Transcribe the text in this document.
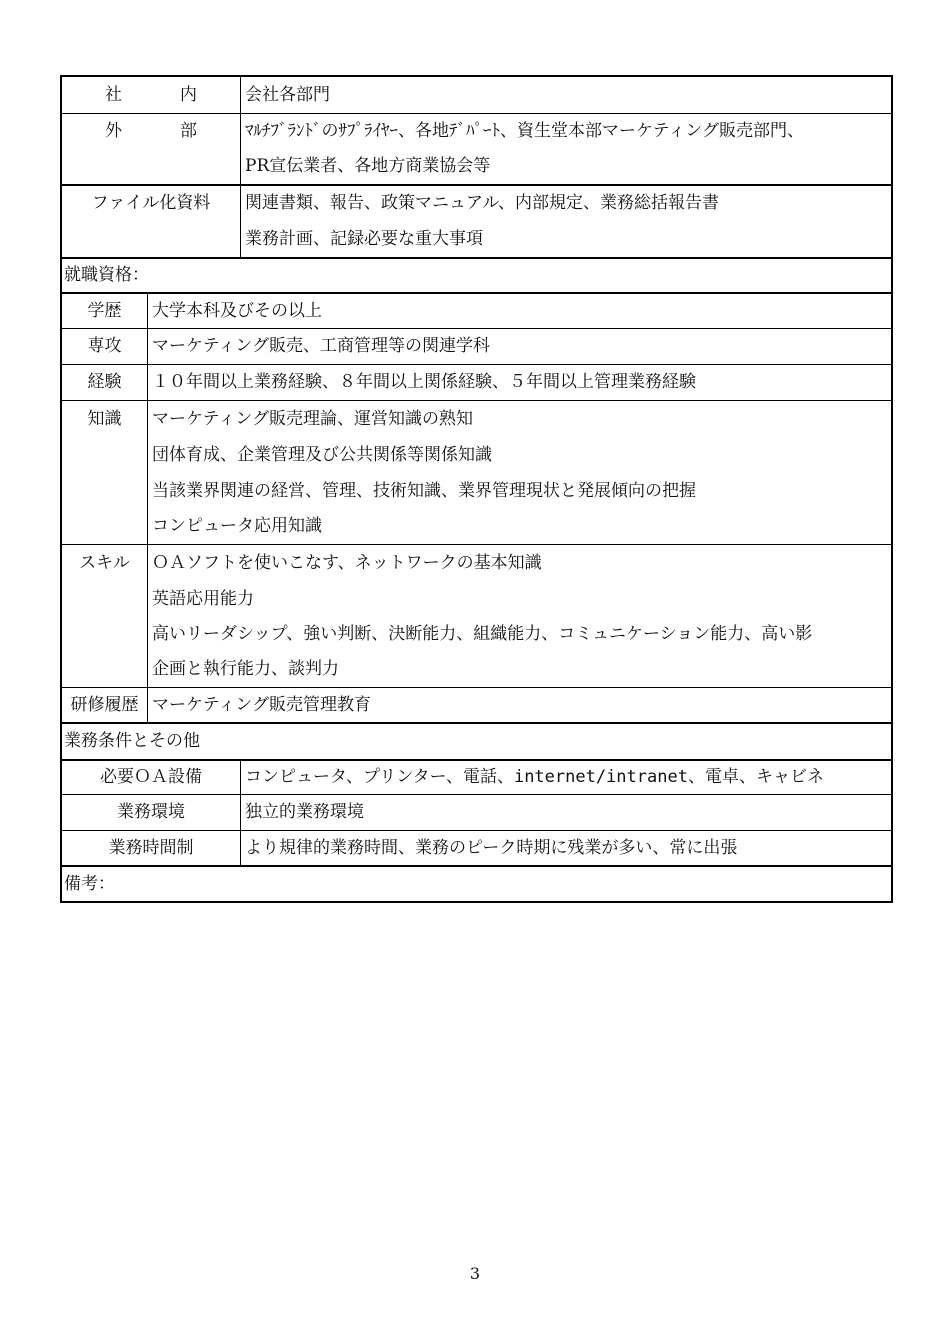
社	内	会社各部門
外	部	ﾏﾙﾁﾌﾞﾗﾝﾄﾞのｻﾌﾟﾗｲﾔｰ、各地ﾃﾞﾊﾟｰﾄ、資生堂本部マーケティング販売部門、
PR宣伝業者、各地方商業協会等
ファイル化資料	関連書類、報告、政策マニュアル、内部規定、業務総括報告書
業務計画、記録必要な重大事項
就職資格：
学歴	大学本科及びその以上
専攻	マーケティング販売、工商管理等の関連学科
経験	１０年間以上業務経験、８年間以上関係経験、５年間以上管理業務経験
知識	マーケティング販売理論、運営知識の熟知
団体育成、企業管理及び公共関係等関係知識
当該業界関連の経営、管理、技術知識、業界管理現状と発展傾向の把握
コンピュータ応用知識
スキル	ＯＡソフトを使いこなす、ネットワークの基本知識
英語応用能力
高いリーダシップ、強い判断、決断能力、組織能力、コミュニケーション能力、高い影
企画と執行能力、談判力
研修履歴 マーケティング販売管理教育
業務条件とその他
必要ＯＡ設備	コンピュータ、プリンター、電話、internet/intranet、電卓、キャビネ
業務環境	独立的業務環境
業務時間制	より規律的業務時間、業務のピーク時期に残業が多い、常に出張
備考：
3
